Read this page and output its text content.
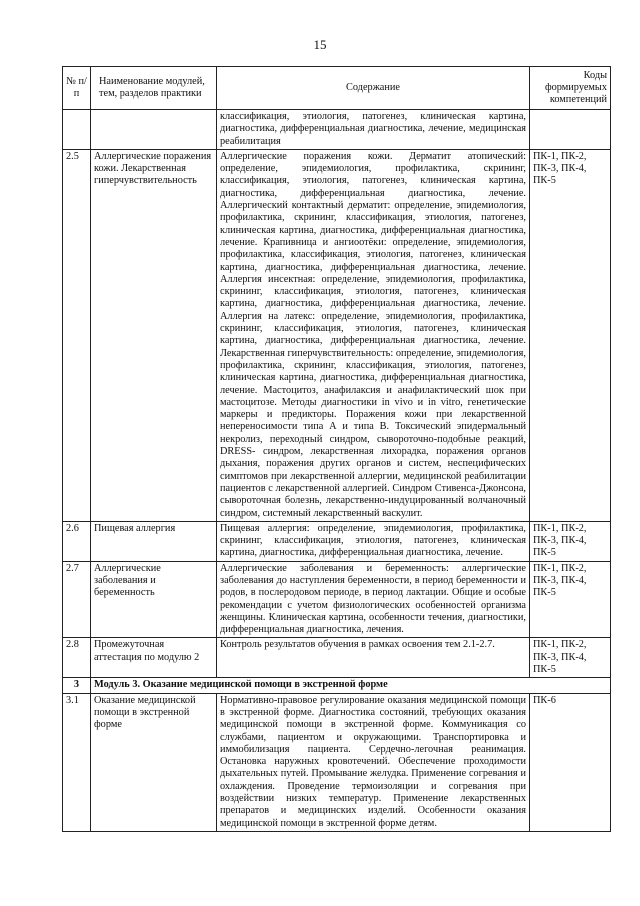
15
№ п/п	Наименование модулей, тем, разделов практики	Содержание	Коды формируемых компетенций
		классификация, этиология, патогенез, клиническая картина, диагностика, дифференциальная диагностика, лечение, медицинская реабилитация	
2.5	Аллергические поражения кожи. Лекарственная гиперчувствительность	Аллергические поражения кожи. Дерматит атопический: определение, эпидемиология, профилактика, скрининг, классификация, этиология, патогенез, клиническая картина, диагностика, дифференциальная диагностика, лечение. Аллергический контактный дерматит: определение, эпидемиология, профилактика, скрининг, классификация, этиология, патогенез, клиническая картина, диагностика, дифференциальная диагностика, лечение. Крапивница и ангиоотёки: определение, эпидемиология, профилактика, классификация, этиология, патогенез, клиническая картина, диагностика, дифференциальная диагностика, лечение. Аллергия инсектная: определение, эпидемиология, профилактика, скрининг, классификация, этиология, патогенез, клиническая картина, диагностика, дифференциальная диагностика, лечение. Аллергия на латекс: определение, эпидемиология, профилактика, скрининг, классификация, этиология, патогенез, клиническая картина, диагностика, дифференциальная диагностика, лечение. Лекарственная гиперчувствительность: определение, эпидемиология, профилактика, скрининг, классификация, этиология, патогенез, клиническая картина, диагностика, дифференциальная диагностика, лечение. Мастоцитоз, анафилаксия и анафилактический шок при мастоцитозе. Методы диагностики in vivo и in vitro, генетические маркеры и предикторы. Поражения кожи при лекарственной непереносимости типа А и типа В. Токсический эпидермальный некролиз, переходный синдром, сывороточно-подобные реакций, DRESS- синдром, лекарственная лихорадка, поражения органов дыхания, поражения других органов и систем, неспецифических симптомов при лекарственной аллергии, медицинской реабилитации пациентов с лекарственной аллергией. Синдром Стивенса-Джонсона, сывороточная болезнь, лекарственно-индуцированный волчаночный синдром, системный лекарственный васкулит.	ПК-1, ПК-2, ПК-3, ПК-4, ПК-5
2.6	Пищевая аллергия	Пищевая аллергия: определение, эпидемиология, профилактика, скрининг, классификация, этиология, патогенез, клиническая картина, диагностика, дифференциальная диагностика, лечение.	ПК-1, ПК-2, ПК-3, ПК-4, ПК-5
2.7	Аллергические заболевания и беременность	Аллергические заболевания и беременность: аллергические заболевания до наступления беременности, в период беременности и родов, в послеродовом периоде, в период лактации. Общие и особые рекомендации с учетом физиологических особенностей организма женщины. Клиническая картина, особенности течения, диагностики, дифференциальная диагностика, лечения.	ПК-1, ПК-2, ПК-3, ПК-4, ПК-5
2.8	Промежуточная аттестация по модулю 2	Контроль результатов обучения в рамках освоения тем 2.1-2.7.	ПК-1, ПК-2, ПК-3, ПК-4, ПК-5
3	Модуль 3. Оказание медицинской помощи в экстренной форме		
3.1	Оказание медицинской помощи в экстренной форме	Нормативно-правовое регулирование оказания медицинской помощи в экстренной форме. Диагностика состояний, требующих оказания медицинской помощи в экстренной форме. Коммуникация со службами, пациентом и окружающими. Транспортировка и иммобилизация пациента. Сердечно-легочная реанимация. Остановка наружных кровотечений. Обеспечение проходимости дыхательных путей. Промывание желудка. Применение согревания и охлаждения. Проведение термоизоляции и согревания при воздействии низких температур. Применение лекарственных препаратов и медицинских изделий. Особенности оказания медицинской помощи в экстренной форме детям.	ПК-6
